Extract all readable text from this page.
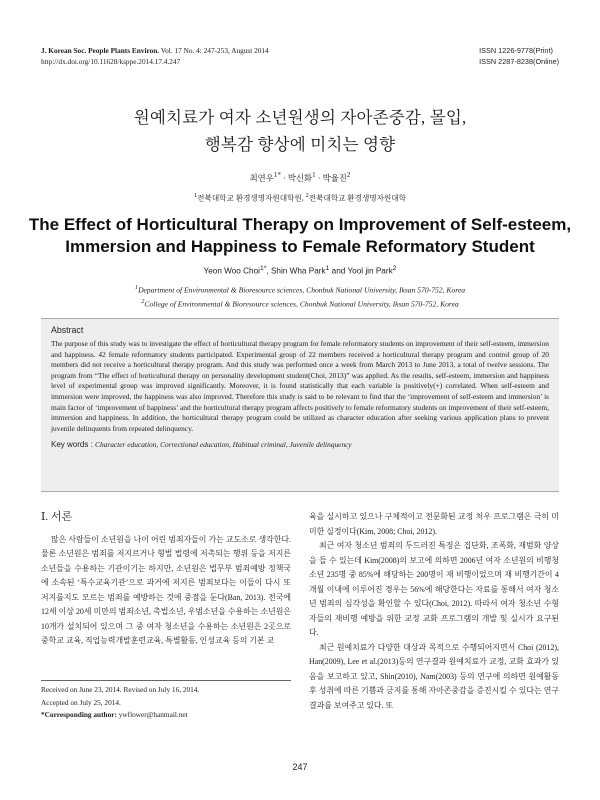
J. Korean Soc. People Plants Environ. Vol. 17 No. 4: 247-253, August 2014
http://dx.doi.org/10.11628/ksppe.2014.17.4.247
ISSN 1226-9778(Print)
ISSN 2287-8238(Online)
원예치료가 여자 소년원생의 자아존중감, 몰입,
행복감 향상에 미치는 영향
최연우$^{1*}$ · 박신화$^1$ · 박율진$^2$
$^1$전북대학교 환경생명자원대학원, $^2$전북대학교 환경생명자원대학
The Effect of Horticultural Therapy on Improvement of Self-esteem,
Immersion and Happiness to Female Reformatory Student
Yeon Woo Choi$^{1*}$, Shin Wha Park$^1$ and Yool jin Park$^2$
$^1$Department of Environmental & Bioresource sciences, Chonbuk National University, Iksan 570-752, Korea
$^2$College of Environmental & Bioresource sciences, Chonbuk National University, Iksan 570-752, Korea
Abstract
The purpose of this study was to investigate the effect of horticultural therapy program for female reformatory students on improvement of their self-esteem, immersion and happiness. 42 female reformatory students participated. Experimental group of 22 members received a horticultural therapy program and control group of 20 members did not receive a horticultural therapy program. And this study was performed once a week from March 2013 to June 2013, a total of twelve sessions. The program from “The effect of horticultural therapy on personality development student(Choi, 2013)” was applied. As the results, self-esteem, immersion and happiness level of experimental group was improved significantly. Moreover, it is found statistically that each variable is positively(+) correlated. When self-esteem and immersion were improved, the happiness was also improved. Therefore this study is said to be relevant to find that the ‘improvement of self-esteem and immersion’ is main factor of ‘improvement of happiness’ and the horticultural therapy program affects positively to female reformatory students on improvement of their self-esteem, immersion and happiness. In addition, the horticultural therapy program could be utilized as character education after seeking various application plans to prevent juvenile delinquents from repeated delinquency.
Key words : Character education, Correctional education, Habitual criminal, Juvenile delinquency
Ⅰ. 서론

많은 사람들이 소년원을 나이 어린 범죄자들이 가는 교도소로 생각한다. 물론 소년원은 범죄를 저지르거나 형벌 법령에 저촉되는 행위 등을 저지른 소년들을 수용하는 기관이기는 하지만, 소년원은 법무부 범죄예방 정책국에 소속된 ‘특수교육기관’으로 과거에 저지른 범죄보다는 이들이 다시 또 저지를지도 모르는 범죄를 예방하는 것에 중점을 둔다(Ban, 2013). 전국에 12세 이상 20세 미만의 범죄소년, 촉법소년, 우범소년을 수용하는 소년원은 10개가 설치되어 있으며 그 중 여자 청소년을 수용하는 소년원은 2곳으로 중학교 교육, 직업능력개발훈련교육, 특별활동, 인성교육 등의 기본 교

육을 실시하고 있으나 구체적이고 전문화된 교정 처우 프로그램은 극히 미미한 실정이다(Kim, 2008; Choi, 2012).

최근 여자 청소년 범죄의 두드러진 특징은 집단화, 조폭화, 재범화 양상을 들 수 있는데 Kim(2008)의 보고에 의하면 2006년 여자 소년원의 비행청소년 235명 중 85%에 해당하는 200명이 재 비행이었으며 재 비행기간이 4개월 이내에 이루어진 경우는 56%에 해당한다는 자료를 통해서 여자 청소년 범죄의 심각성을 확인할 수 있다(Choi, 2012). 따라서 여자 청소년 수형자들의 재비행 예방을 위한 교정 교화 프로그램의 개발 및 실시가 요구된다.

최근 원예치료가 다양한 대상과 목적으로 수행되어지면서 Choi (2012), Han(2009), Lee et al.(2013)등의 연구결과 원예치료가 교정, 교화 효과가 있음을 보고하고 있고, Shin(2010), Nam(2003) 등의 연구에 의하면 원예활동 후 성취에 따른 기쁨과 긍지를 통해 자아존중감을 증진시킬 수 있다는 연구 결과를 보여주고 있다. 또

Received on June 23, 2014. Revised on July 16, 2014.
Accepted on July 25, 2014.
*Corresponding author: ywflower@hanmail.net
247
